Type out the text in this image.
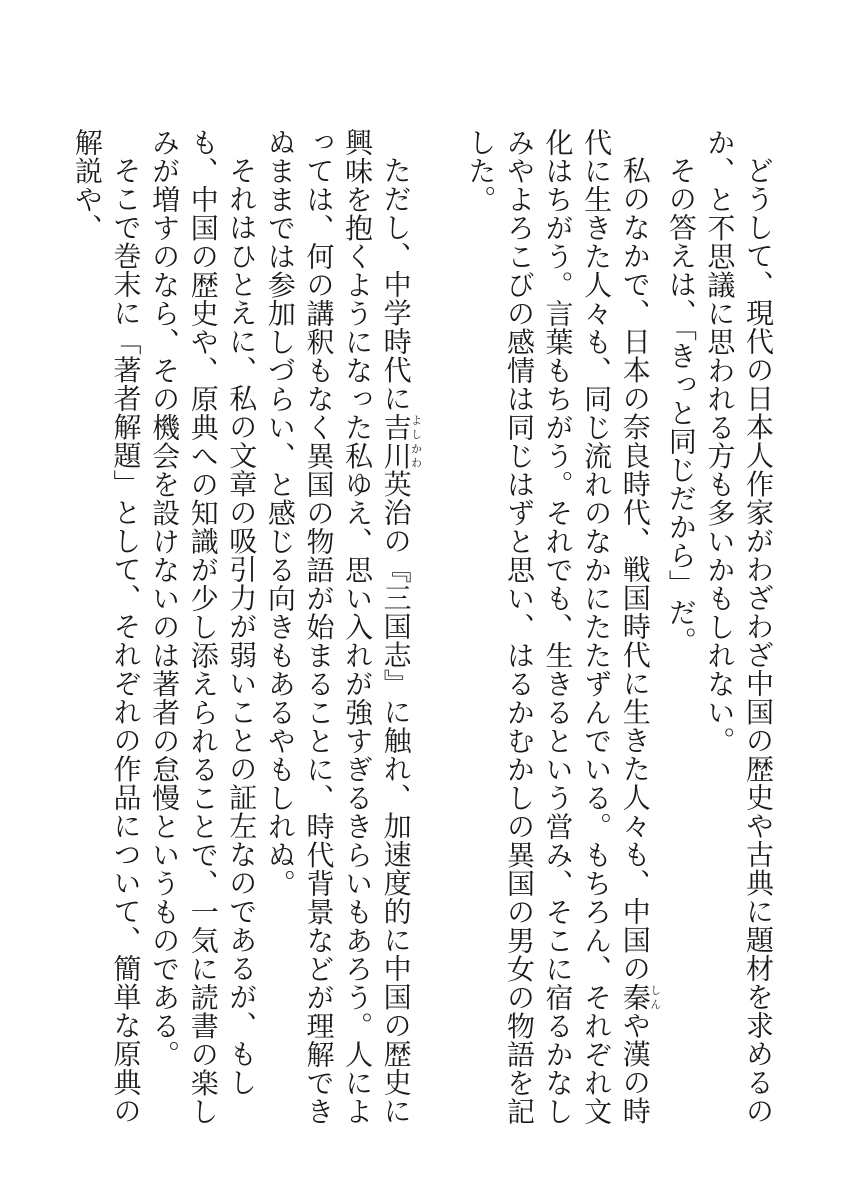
どうして、現代の日本人作家がわざわざ中国の歴史や古典に題材を求めるのか、と不思議に思われる方も多いかもしれない。

その答えは、「きっと同じだから」だ。

私のなかで、日本の奈良時代、戦国時代に生きた人々も、中国の秦しんや漢の時代に生きた人々も、同じ流れのなかにたたずんでいる。もちろん、それぞれ文化はちがう。言葉もちがう。それでも、生きるという営み、そこに宿るかなしみやよろこびの感情は同じはずと思い、はるかむかしの異国の男女の物語を記した。

ただし、中学時代に吉川よしかわ英治の『三国志』に触れ、加速度的に中国の歴史に興味を抱くようになった私ゆえ、思い入れが強すぎるきらいもあろう。人によっては、何の講釈もなく異国の物語が始まることに、時代背景などが理解できぬままでは参加しづらい、と感じる向きもあるやもしれぬ。

それはひとえに、私の文章の吸引力が弱いことの証左なのであるが、もしも、中国の歴史や、原典への知識が少し添えられることで、一気に読書の楽しみが増すのなら、その機会を設けないのは著者の怠慢というものである。

そこで巻末に「著者解題」として、それぞれの作品について、簡単な原典の解説や、
